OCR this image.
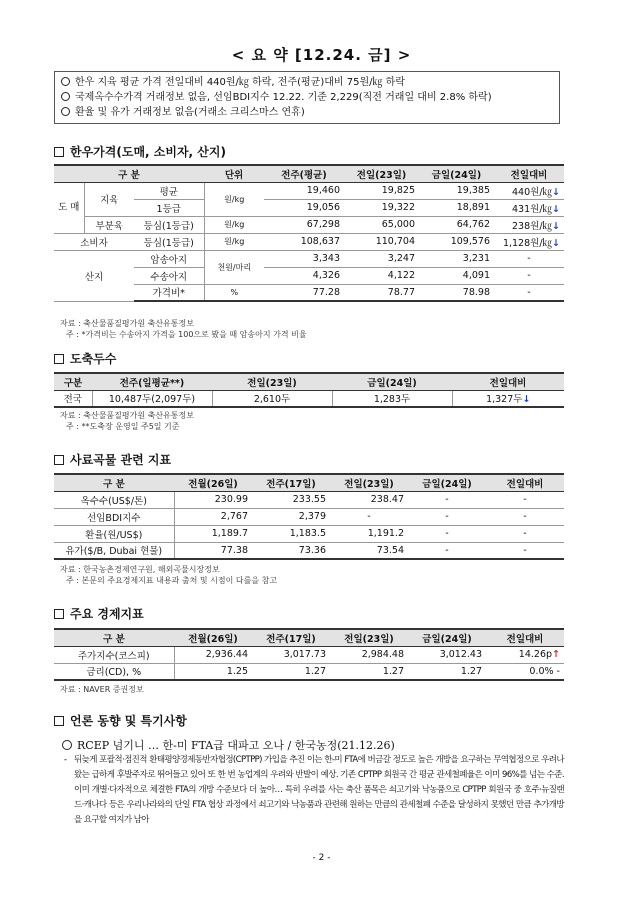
< 요 약 [12.24. 금] >
한우 지육 평균 가격 전일대비 440원/㎏ 하락, 전주(평균)대비 75원/㎏ 하락
국제옥수수가격 거래정보 없음, 선임BDI지수 12.22. 기준 2,229(직전 거래일 대비 2.8% 하락)
환율 및 유가 거래정보 없음(거래소 크리스마스 연휴)
한우가격(도매, 소비자, 산지)
구 분			단위	전주(평균)	전일(23일)	금일(24일)	전일대비
도 매	지육	평균	원/kg	19,460	19,825	19,385	440원/㎏↓
		1등급		19,056	19,322	18,891	431원/㎏↓
	부분육	등심(1등급)	원/kg	67,298	65,000	64,762	238원/㎏↓
소비자		등심(1등급)	원/kg	108,637	110,704	109,576	1,128원/㎏↓
산지		암송아지	천원/마리	3,343	3,247	3,231	-
		수송아지		4,326	4,122	4,091	-
		가격비*	%	77.28	78.77	78.98	-
자료 : 축산물품질평가원 축산유통정보
주 : *가격비는 수송아지 가격을 100으로 봤을 때 암송아지 가격 비율
도축두수
구분	전주(일평균**)	전일(23일)	금일(24일)	전일대비
전국	10,487두(2,097두)	2,610두	1,283두	1,327두↓
자료 : 축산물품질평가원 축산유통정보
주 : **도축장 운영일 주5일 기준
사료곡물 관련 지표
구 분	전월(26일)	전주(17일)	전일(23일)	금일(24일)	전일대비
옥수수(US$/톤)	230.99	233.55	238.47	-	-
선임BDI지수	2,767	2,379	-	-	-
환율(원/US$)	1,189.7	1,183.5	1,191.2	-	-
유가($/B, Dubai 현물)	77.38	73.36	73.54	-	-
자료 : 한국농촌경제연구원, 해외곡물시장정보
주 : 본문의 주요경제지표 내용과 출처 및 시점이 다를을 참고
주요 경제지표
구 분	전월(26일)	전주(17일)	전일(23일)	금일(24일)	전일대비
주가지수(코스피)	2,936.44	3,017.73	2,984.48	3,012.43	14.26p↑
금리(CD), %	1.25	1.27	1.27	1.27	0.0% -
자료 : NAVER 증권정보
언론 동향 및 특기사항
RCEP 넘기니 … 한-미 FTA급 대파고 오나 / 한국농정(21.12.26)
- 뒤늦게 포괄적·점진적 환태평양경제동반자협정(CPTPP) 가입을 추진 이는 한-미 FTA에 버금갈 정도로 높은 개방을 요구하는 무역협정으로 우려나왔는 급하게 후발주자로 뛰어들고 있어 또 한 번 농업계의 우려와 반발이 예상. 기존 CPTPP 회원국 간 평균 관세철폐율은 이미 96%를 넘는 수준. 이미 개별·다자적으로 체결한 FTA의 개방 수준보다 더 높아… 특히 우려를 사는 축산 품목은 쇠고기와 낙농품으로 CPTPP 회원국 중 호주·뉴질랜드·캐나다 등은 우리나라와의 단일 FTA 협상 과정에서 쇠고기와 낙농품과 관련해 원하는 만큼의 관세철폐 수준을 달성하지 못했던 만큼 추가개방을 요구할 여지가 남아
- 2 -
